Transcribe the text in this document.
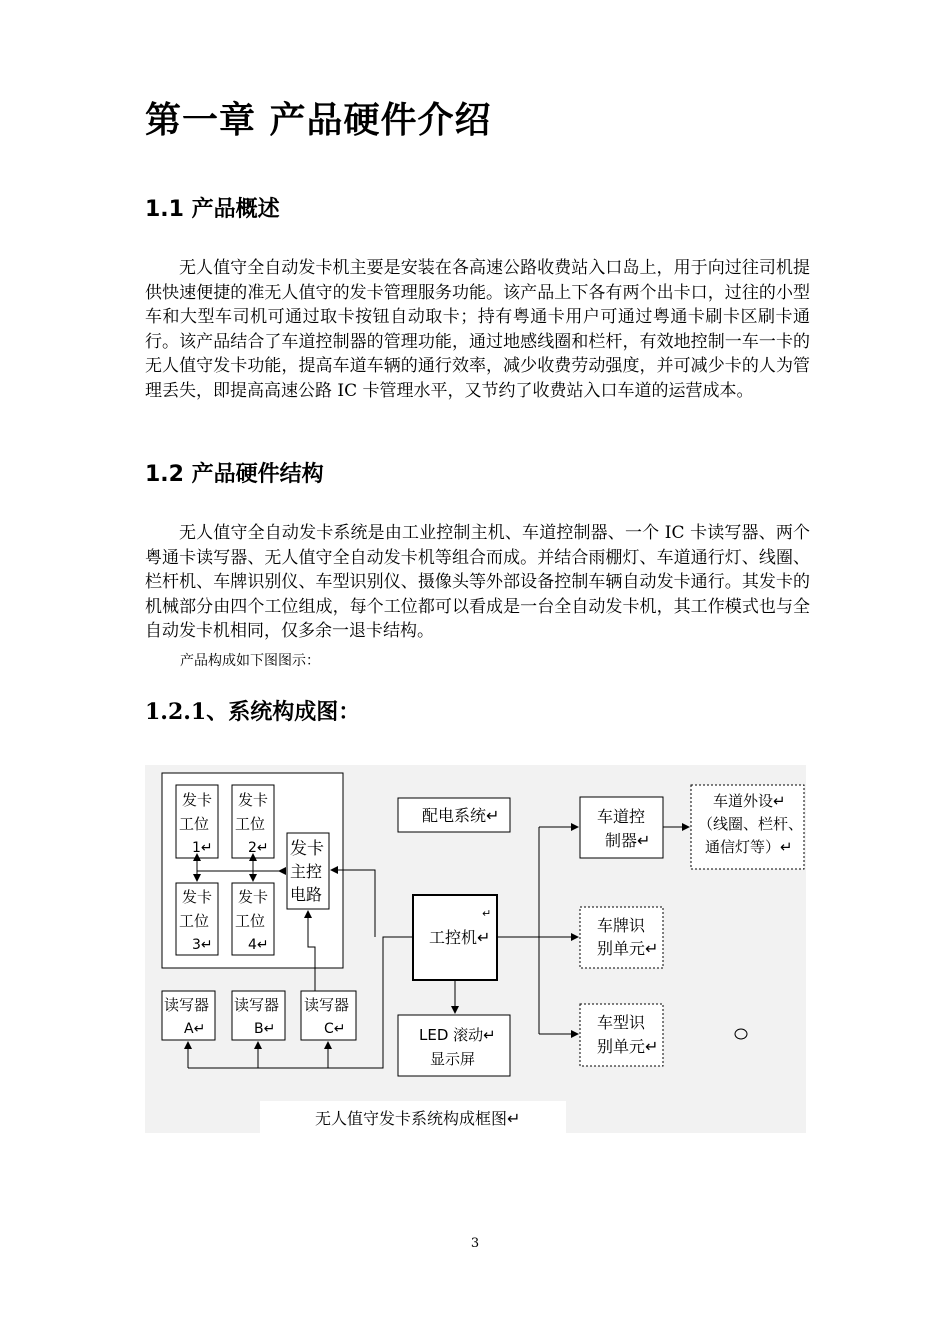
第一章 产品硬件介绍
1.1 产品概述

无人值守全自动发卡机主要是安装在各高速公路收费站入口岛上，用于向过往司机提供快速便捷的准无人值守的发卡管理服务功能。该产品上下各有两个出卡口，过往的小型车和大型车司机可通过取卡按钮自动取卡；持有粤通卡用户可通过粤通卡刷卡区刷卡通行。该产品结合了车道控制器的管理功能，通过地感线圈和栏杆，有效地控制一车一卡的无人值守发卡功能，提高车道车辆的通行效率，减少收费劳动强度，并可减少卡的人为管理丢失，即提高高速公路 IC 卡管理水平，又节约了收费站入口车道的运营成本。

1.2 产品硬件结构

无人值守全自动发卡系统是由工业控制主机、车道控制器、一个 IC 卡读写器、两个粤通卡读写器、无人值守全自动发卡机等组合而成。并结合雨棚灯、车道通行灯、线圈、栏杆机、车牌识别仪、车型识别仪、摄像头等外部设备控制车辆自动发卡通行。其发卡的机械部分由四个工位组成，每个工位都可以看成是一台全自动发卡机，其工作模式也与全自动发卡机相同，仅多余一退卡结构。

产品构成如下图图示：

1.2.1、系统构成图：
发卡
工位
1↵
发卡
工位
2↵
发卡
工位
3↵
发卡
工位
4↵
发卡
主控
电路
读写器
A↵
读写器
B↵
读写器
C↵
配电系统↵
↵
工控机↵
LED 滚动↵
显示屏
车道控
制器↵
车道外设↵
（线圈、栏杆、
通信灯等）↵
车牌识
别单元↵
车型识
别单元↵
无人值守发卡系统构成框图↵
3
